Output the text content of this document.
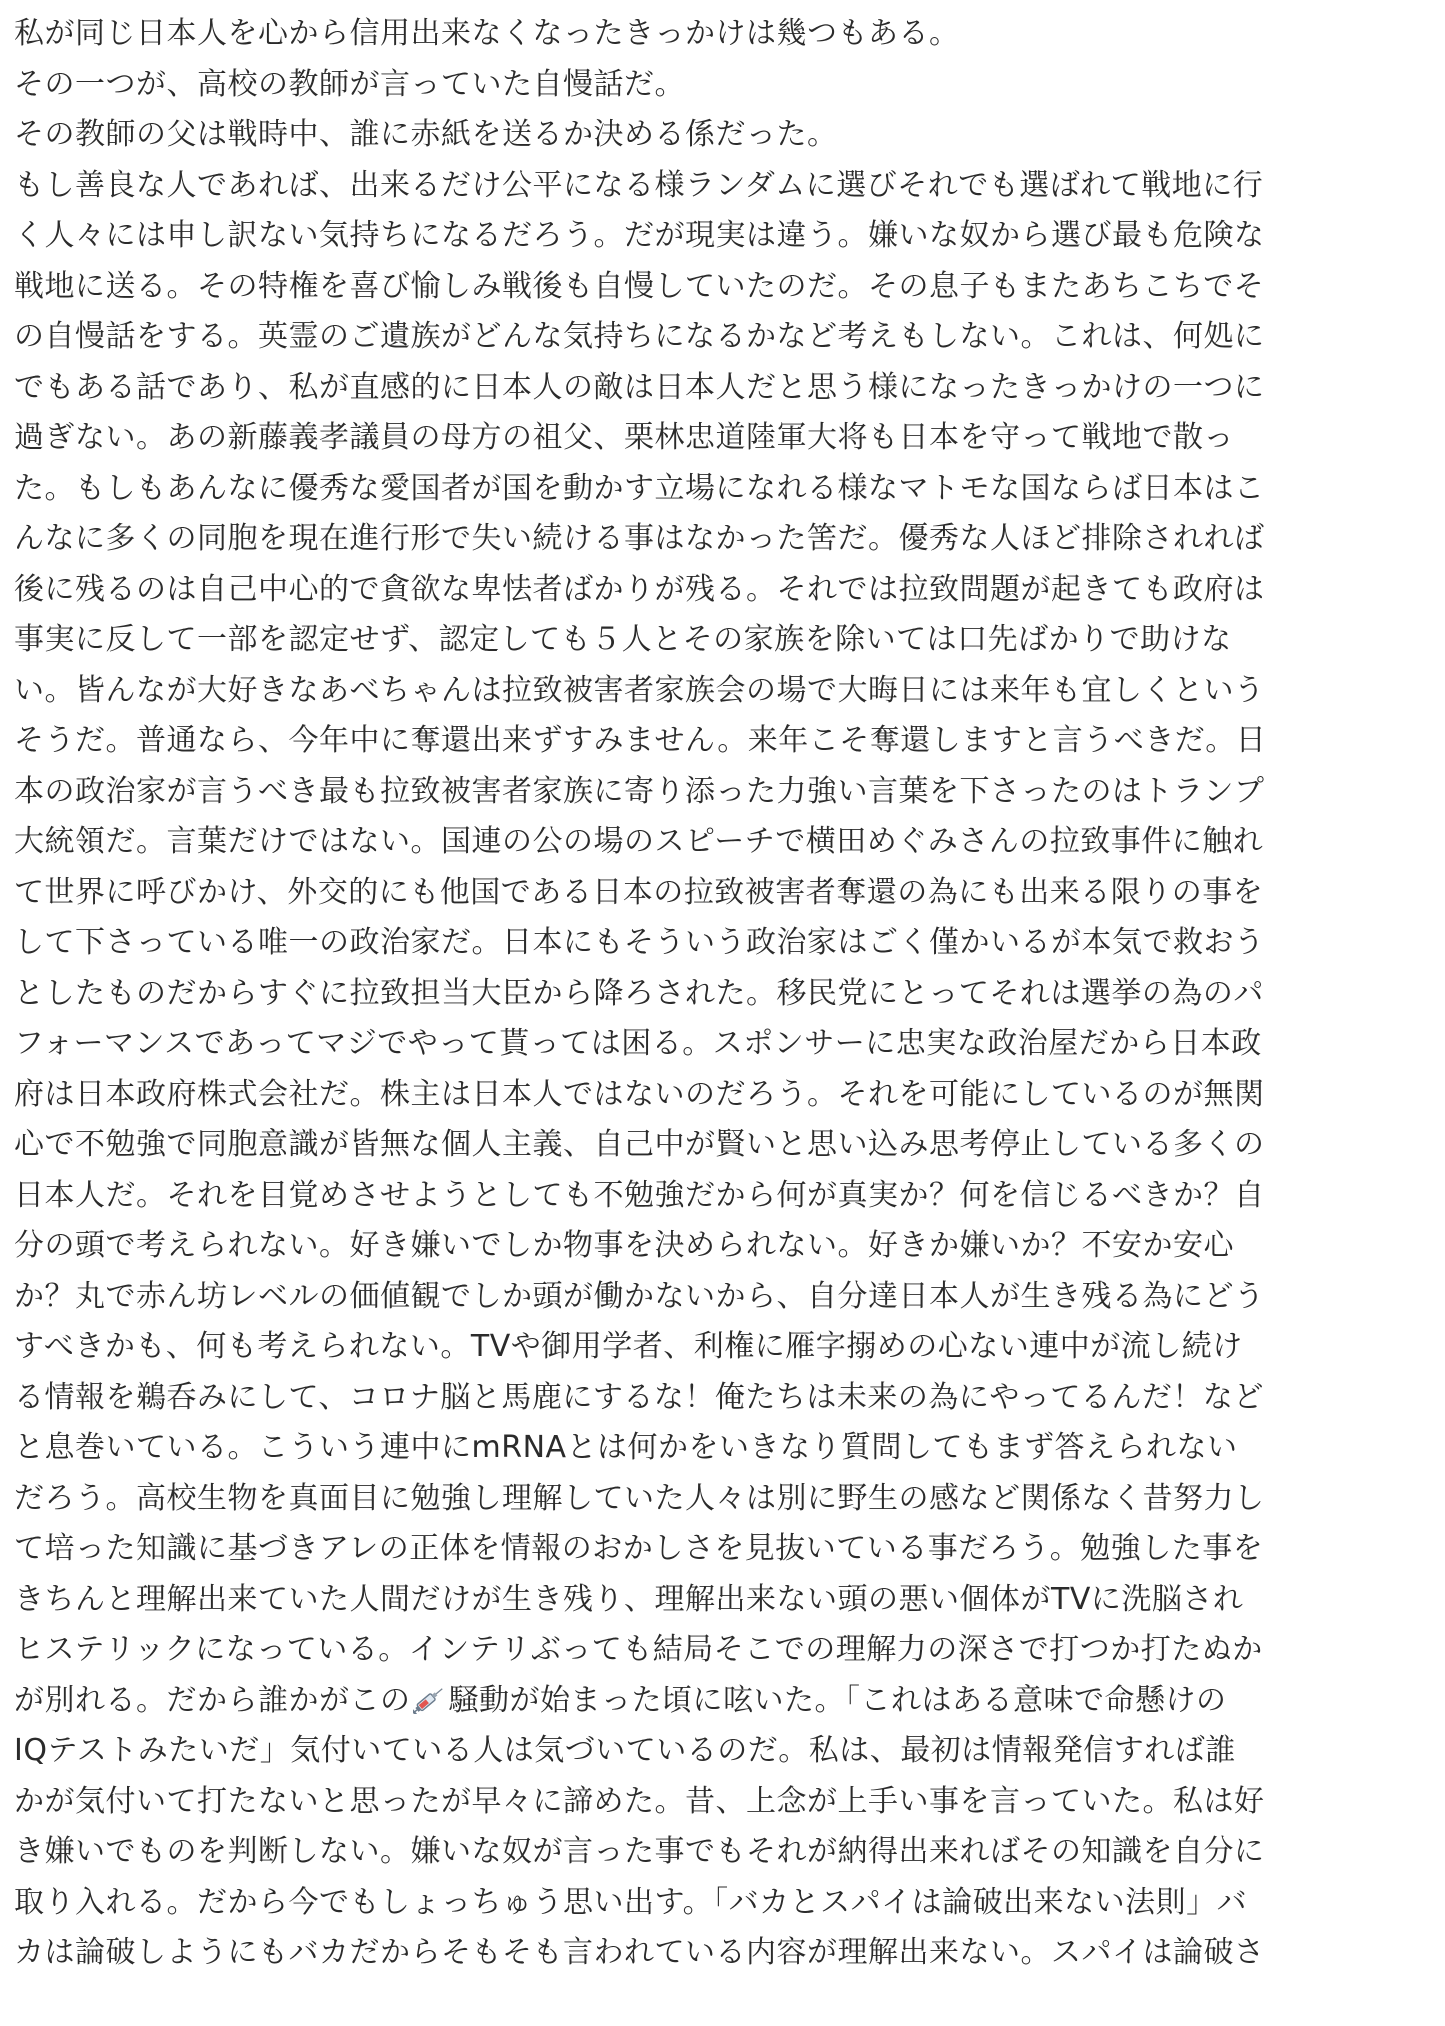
私が同じ日本人を心から信用出来なくなったきっかけは幾つもある。
その一つが、高校の教師が言っていた自慢話だ。
その教師の父は戦時中、誰に赤紙を送るか決める係だった。
もし善良な人であれば、出来るだけ公平になる様ランダムに選びそれでも選ばれて戦地に行
く人々には申し訳ない気持ちになるだろう。だが現実は違う。嫌いな奴から選び最も危険な
戦地に送る。その特権を喜び愉しみ戦後も自慢していたのだ。その息子もまたあちこちでそ
の自慢話をする。英霊のご遺族がどんな気持ちになるかなど考えもしない。これは、何処に
でもある話であり、私が直感的に日本人の敵は日本人だと思う様になったきっかけの一つに
過ぎない。あの新藤義孝議員の母方の祖父、栗林忠道陸軍大将も日本を守って戦地で散っ
た。もしもあんなに優秀な愛国者が国を動かす立場になれる様なマトモな国ならば日本はこ
んなに多くの同胞を現在進行形で失い続ける事はなかった筈だ。優秀な人ほど排除されれば
後に残るのは自己中心的で貪欲な卑怯者ばかりが残る。それでは拉致問題が起きても政府は
事実に反して一部を認定せず、認定しても５人とその家族を除いては口先ばかりで助けな
い。皆んなが大好きなあべちゃんは拉致被害者家族会の場で大晦日には来年も宜しくという
そうだ。普通なら、今年中に奪還出来ずすみません。来年こそ奪還しますと言うべきだ。日
本の政治家が言うべき最も拉致被害者家族に寄り添った力強い言葉を下さったのはトランプ
大統領だ。言葉だけではない。国連の公の場のスピーチで横田めぐみさんの拉致事件に触れ
て世界に呼びかけ、外交的にも他国である日本の拉致被害者奪還の為にも出来る限りの事を
して下さっている唯一の政治家だ。日本にもそういう政治家はごく僅かいるが本気で救おう
としたものだからすぐに拉致担当大臣から降ろされた。移民党にとってそれは選挙の為のパ
フォーマンスであってマジでやって貰っては困る。スポンサーに忠実な政治屋だから日本政
府は日本政府株式会社だ。株主は日本人ではないのだろう。それを可能にしているのが無関
心で不勉強で同胞意識が皆無な個人主義、自己中が賢いと思い込み思考停止している多くの
日本人だ。それを目覚めさせようとしても不勉強だから何が真実か？何を信じるべきか？自
分の頭で考えられない。好き嫌いでしか物事を決められない。好きか嫌いか？不安か安心
か？丸で赤ん坊レベルの価値観でしか頭が働かないから、自分達日本人が生き残る為にどう
すべきかも、何も考えられない。TVや御用学者、利権に雁字搦めの心ない連中が流し続け
る情報を鵜呑みにして、コロナ脳と馬鹿にするな！俺たちは未来の為にやってるんだ！など
と息巻いている。こういう連中にmRNAとは何かをいきなり質問してもまず答えられない
だろう。高校生物を真面目に勉強し理解していた人々は別に野生の感など関係なく昔努力し
て培った知識に基づきアレの正体を情報のおかしさを見抜いている事だろう。勉強した事を
きちんと理解出来ていた人間だけが生き残り、理解出来ない頭の悪い個体がTVに洗脳され
ヒステリックになっている。インテリぶっても結局そこでの理解力の深さで打つか打たぬか
が別れる。だから誰かがこの 騒動が始まった頃に呟いた。「これはある意味で命懸けの
IQテストみたいだ」気付いている人は気づいているのだ。私は、最初は情報発信すれば誰
かが気付いて打たないと思ったが早々に諦めた。昔、上念が上手い事を言っていた。私は好
き嫌いでものを判断しない。嫌いな奴が言った事でもそれが納得出来ればその知識を自分に
取り入れる。だから今でもしょっちゅう思い出す。「バカとスパイは論破出来ない法則」バ
カは論破しようにもバカだからそもそも言われている内容が理解出来ない。スパイは論破さ
